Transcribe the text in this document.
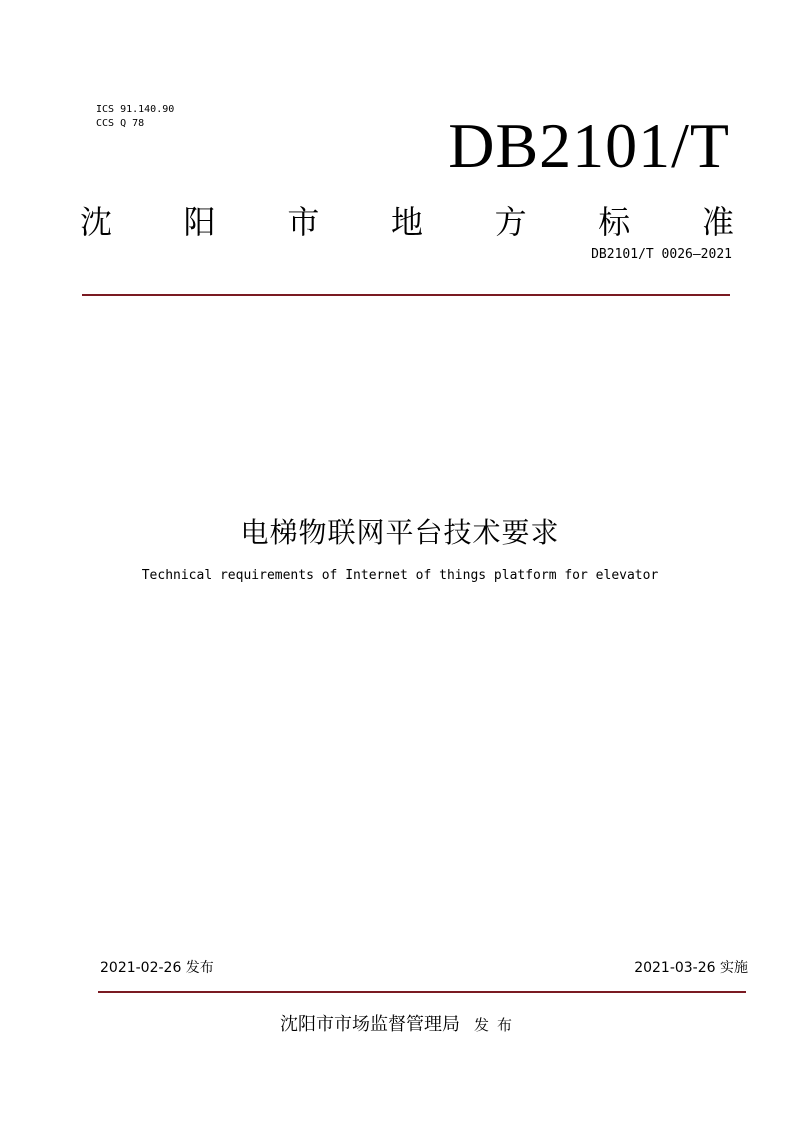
ICS 91.140.90
CCS Q 78	DB2101/T
沈 阳 市 地 方 标 准
DB2101/T 0026—2021
电梯物联网平台技术要求
Technical requirements of Internet of things platform for elevator
2021-02-26 发布	2021-03-26 实施
沈阳市市场监督管理局 发布
